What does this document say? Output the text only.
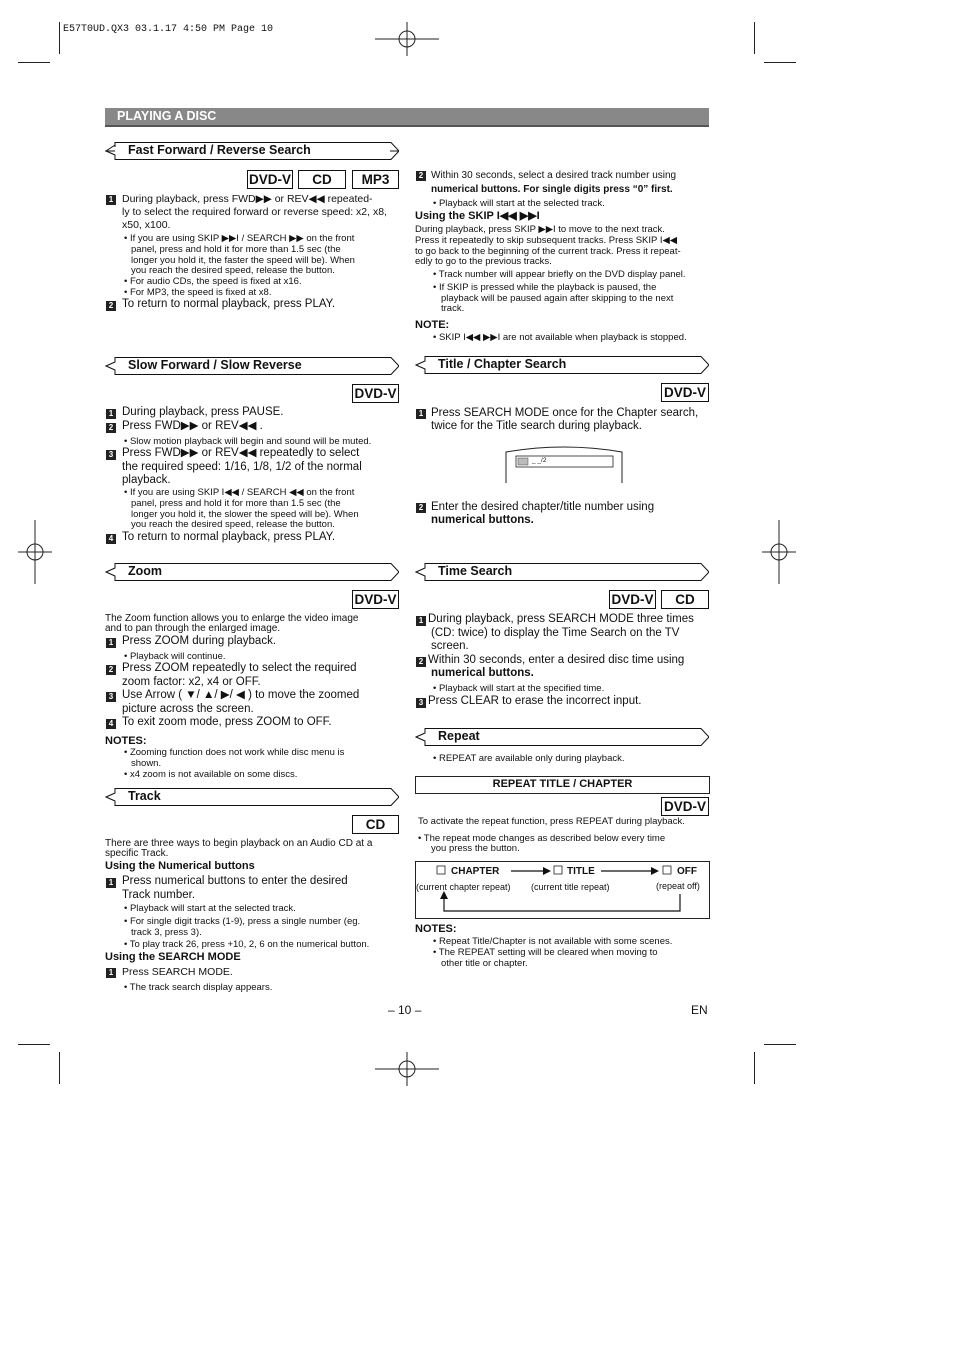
E57T0UD.QX3 03.1.17 4:50 PM Page 10
PLAYING A DISC
Fast Forward / Reverse Search
DVD-V	CD	MP3
1 During playback, press FWD▶▶ or REV◀◀ repeated-
ly to select the required forward or reverse speed: x2, x8,
x50, x100.
• If you are using SKIP ▶▶I / SEARCH ▶▶ on the front
panel, press and hold it for more than 1.5 sec (the
longer you hold it, the faster the speed will be). When
you reach the desired speed, release the button.
• For audio CDs, the speed is fixed at x16.
• For MP3, the speed is fixed at x8.
2 To return to normal playback, press PLAY.
Slow Forward / Slow Reverse
DVD-V
1 During playback, press PAUSE.
2 Press FWD▶▶ or REV◀◀ .
• Slow motion playback will begin and sound will be muted.
3 Press FWD▶▶ or REV◀◀ repeatedly to select
the required speed: 1/16, 1/8, 1/2 of the normal
playback.
• If you are using SKIP I◀◀ / SEARCH ◀◀ on the front
panel, press and hold it for more than 1.5 sec (the
longer you hold it, the slower the speed will be). When
you reach the desired speed, release the button.
4 To return to normal playback, press PLAY.
Zoom
DVD-V
The Zoom function allows you to enlarge the video image
and to pan through the enlarged image.
1 Press ZOOM during playback.
• Playback will continue.
2 Press ZOOM repeatedly to select the required
zoom factor: x2, x4 or OFF.
3 Use Arrow ( ▼/ ▲/ ▶/ ◀ ) to move the zoomed
picture across the screen.
4 To exit zoom mode, press ZOOM to OFF.
NOTES:
• Zooming function does not work while disc menu is
shown.
• x4 zoom is not available on some discs.
Track
CD
There are three ways to begin playback on an Audio CD at a
specific Track.
Using the Numerical buttons
1 Press numerical buttons to enter the desired
Track number.
• Playback will start at the selected track.
• For single digit tracks (1-9), press a single number (eg.
track 3, press 3).
• To play track 26, press +10, 2, 6 on the numerical button.
Using the SEARCH MODE
1 Press SEARCH MODE.
• The track search display appears.
2 Within 30 seconds, select a desired track number using
numerical buttons. For single digits press “0” first.
• Playback will start at the selected track.
Using the SKIP I◀◀ ▶▶I
During playback, press SKIP ▶▶I to move to the next track.
Press it repeatedly to skip subsequent tracks. Press SKIP I◀◀
to go back to the beginning of the current track. Press it repeat-
edly to go to the previous tracks.
• Track number will appear briefly on the DVD display panel.
• If SKIP is pressed while the playback is paused, the
playback will be paused again after skipping to the next
track.
NOTE:
• SKIP I◀◀ ▶▶I are not available when playback is stopped.
Title / Chapter Search
DVD-V
1 Press SEARCH MODE once for the Chapter search,
twice for the Title search during playback.
_ _/2
2 Enter the desired chapter/title number using
numerical buttons.
Time Search
DVD-V	CD
1 During playback, press SEARCH MODE three times
(CD: twice) to display the Time Search on the TV
screen.
2 Within 30 seconds, enter a desired disc time using
numerical buttons.
• Playback will start at the specified time.
3 Press CLEAR to erase the incorrect input.
Repeat
• REPEAT are available only during playback.
REPEAT TITLE / CHAPTER
DVD-V
To activate the repeat function, press REPEAT during playback.
• The repeat mode changes as described below every time
you press the button.
CHAPTER	TITLE	OFF
(current chapter repeat) (current title repeat)	(repeat off)
NOTES:
• Repeat Title/Chapter is not available with some scenes.
• The REPEAT setting will be cleared when moving to
other title or chapter.
– 10 –	EN
